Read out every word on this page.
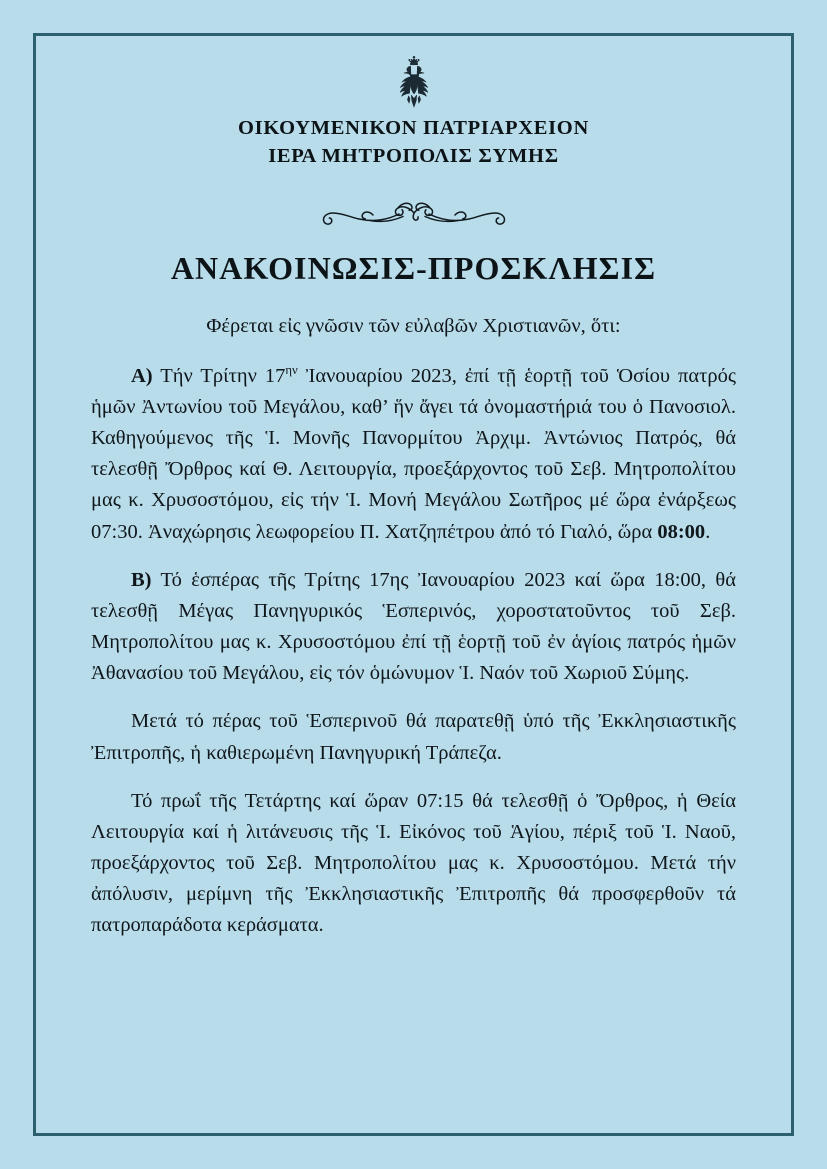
ΟΙΚΟΥΜΕΝΙΚΟΝ ΠΑΤΡΙΑΡΧΕΙΟΝ
ΙΕΡΑ ΜΗΤΡΟΠΟΛΙΣ ΣΥΜΗΣ
ΑΝΑΚΟΙΝΩΣΙΣ-ΠΡΟΣΚΛΗΣΙΣ
Φέρεται εἰς γνῶσιν τῶν εὐλαβῶν Χριστιανῶν, ὅτι:

Α) Τήν Τρίτην $17^{\eta\nu}$ Ἰανουαρίου 2023, ἐπί τῇ ἑορτῇ τοῦ Ὁσίου πατρός ἡμῶν Ἀντωνίου τοῦ Μεγάλου, καθ’ ἥν ἄγει τά ὀνομαστήριά του ὁ Πανοσιολ. Καθηγούμενος τῆς Ἱ. Μονῆς Πανορμίτου Ἀρχιμ. Ἀντώνιος Πατρός, θά τελεσθῇ Ὄρθρος καί Θ. Λειτουργία, προεξάρχοντος τοῦ Σεβ. Μητροπολίτου μας κ. Χρυσοστόμου, εἰς τήν Ἱ. Μονή Μεγάλου Σωτῆρος μέ ὥρα ἐνάρξεως 07:30. Ἀναχώρησις λεωφορείου Π. Χατζηπέτρου ἀπό τό Γιαλό, ὥρα 08:00.

Β) Τό ἑσπέρας τῆς Τρίτης 17ης Ἰανουαρίου 2023 καί ὥρα 18:00, θά τελεσθῇ Μέγας Πανηγυρικός Ἑσπερινός, χοροστατοῦντος τοῦ Σεβ. Μητροπολίτου μας κ. Χρυσοστόμου ἐπί τῇ ἑορτῇ τοῦ ἐν ἁγίοις πατρός ἡμῶν Ἀθανασίου τοῦ Μεγάλου, εἰς τόν ὁμώνυμον Ἱ. Ναόν τοῦ Χωριοῦ Σύμης.

Μετά τό πέρας τοῦ Ἑσπερινοῦ θά παρατεθῇ ὑπό τῆς Ἐκκλησιαστικῆς Ἐπιτροπῆς, ἡ καθιερωμένη Πανηγυρική Τράπεζα.

Τό πρωΐ τῆς Τετάρτης καί ὥραν 07:15 θά τελεσθῇ ὁ Ὄρθρος, ἡ Θεία Λειτουργία καί ἡ λιτάνευσις τῆς Ἱ. Εἰκόνος τοῦ Ἁγίου, πέριξ τοῦ Ἱ. Ναοῦ, προεξάρχοντος τοῦ Σεβ. Μητροπολίτου μας κ. Χρυσοστόμου. Μετά τήν ἀπόλυσιν, μερίμνη τῆς Ἐκκλησιαστικῆς Ἐπιτροπῆς θά προσφερθοῦν τά πατροπαράδοτα κεράσματα.
